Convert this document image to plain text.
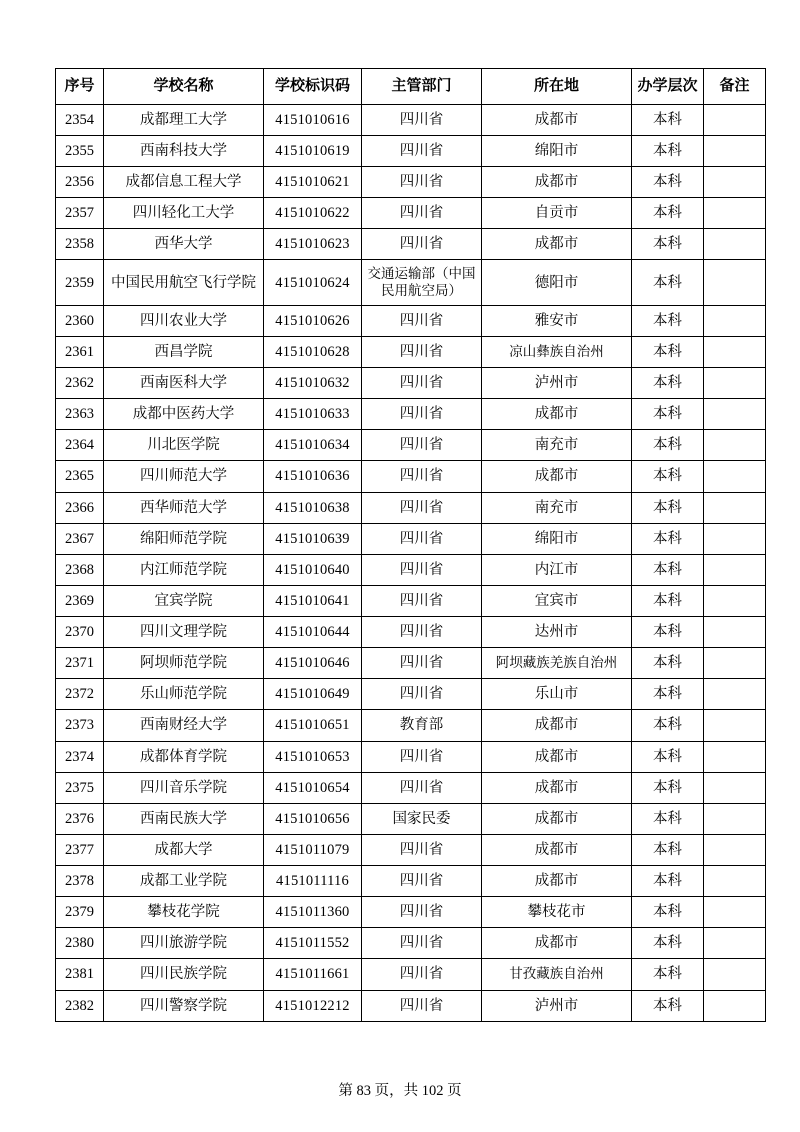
序号	学校名称	学校标识码	主管部门	所在地	办学层次	备注
2354	成都理工大学	4151010616	四川省	成都市	本科	
2355	西南科技大学	4151010619	四川省	绵阳市	本科	
2356	成都信息工程大学	4151010621	四川省	成都市	本科	
2357	四川轻化工大学	4151010622	四川省	自贡市	本科	
2358	西华大学	4151010623	四川省	成都市	本科	
2359	中国民用航空飞行学院	4151010624	交通运输部（中国民用航空局）	德阳市	本科	
2360	四川农业大学	4151010626	四川省	雅安市	本科	
2361	西昌学院	4151010628	四川省	凉山彝族自治州	本科	
2362	西南医科大学	4151010632	四川省	泸州市	本科	
2363	成都中医药大学	4151010633	四川省	成都市	本科	
2364	川北医学院	4151010634	四川省	南充市	本科	
2365	四川师范大学	4151010636	四川省	成都市	本科	
2366	西华师范大学	4151010638	四川省	南充市	本科	
2367	绵阳师范学院	4151010639	四川省	绵阳市	本科	
2368	内江师范学院	4151010640	四川省	内江市	本科	
2369	宜宾学院	4151010641	四川省	宜宾市	本科	
2370	四川文理学院	4151010644	四川省	达州市	本科	
2371	阿坝师范学院	4151010646	四川省	阿坝藏族羌族自治州	本科	
2372	乐山师范学院	4151010649	四川省	乐山市	本科	
2373	西南财经大学	4151010651	教育部	成都市	本科	
2374	成都体育学院	4151010653	四川省	成都市	本科	
2375	四川音乐学院	4151010654	四川省	成都市	本科	
2376	西南民族大学	4151010656	国家民委	成都市	本科	
2377	成都大学	4151011079	四川省	成都市	本科	
2378	成都工业学院	4151011116	四川省	成都市	本科	
2379	攀枝花学院	4151011360	四川省	攀枝花市	本科	
2380	四川旅游学院	4151011552	四川省	成都市	本科	
2381	四川民族学院	4151011661	四川省	甘孜藏族自治州	本科	
2382	四川警察学院	4151012212	四川省	泸州市	本科	
第 83 页，共 102 页
